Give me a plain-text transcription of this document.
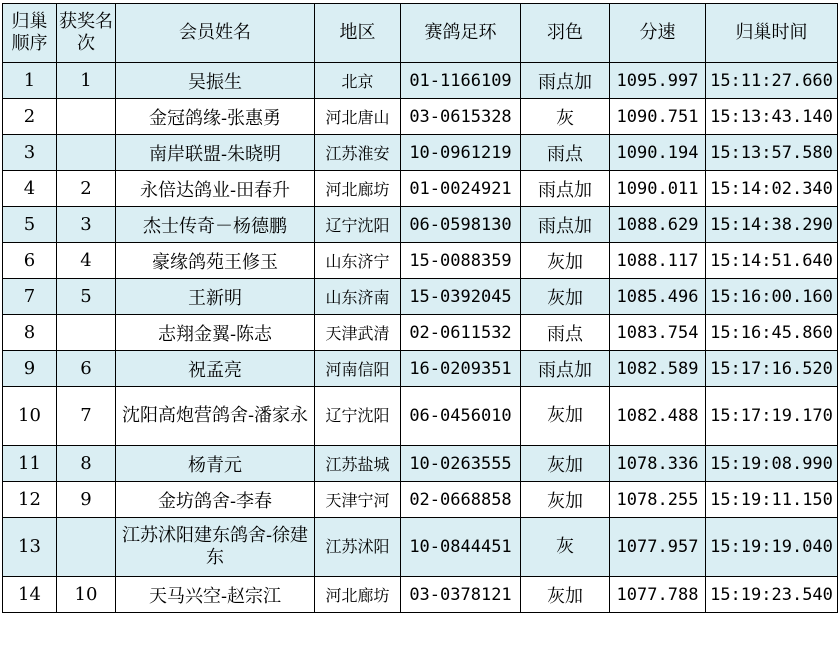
归巢顺序	获奖名次	会员姓名	地区	赛鸽足环	羽色	分速	归巢时间
1	1	吴振生	北京	01-1166109	雨点加	1095.997	15:11:27.660
2		金冠鸽缘-张惠勇	河北唐山	03-0615328	灰	1090.751	15:13:43.140
3		南岸联盟-朱晓明	江苏淮安	10-0961219	雨点	1090.194	15:13:57.580
4	2	永倍达鸽业-田春升	河北廊坊	01-0024921	雨点加	1090.011	15:14:02.340
5	3	杰士传奇－杨德鹏	辽宁沈阳	06-0598130	雨点加	1088.629	15:14:38.290
6	4	豪缘鸽苑王修玉	山东济宁	15-0088359	灰加	1088.117	15:14:51.640
7	5	王新明	山东济南	15-0392045	灰加	1085.496	15:16:00.160
8		志翔金翼-陈志	天津武清	02-0611532	雨点	1083.754	15:16:45.860
9	6	祝孟亮	河南信阳	16-0209351	雨点加	1082.589	15:17:16.520
10	7	沈阳高炮营鸽舍-潘家永	辽宁沈阳	06-0456010	灰加	1082.488	15:17:19.170
11	8	杨青元	江苏盐城	10-0263555	灰加	1078.336	15:19:08.990
12	9	金坊鸽舍-李春	天津宁河	02-0668858	灰加	1078.255	15:19:11.150
13		江苏沭阳建东鸽舍-徐建东	江苏沭阳	10-0844451	灰	1077.957	15:19:19.040
14	10	天马兴空-赵宗江	河北廊坊	03-0378121	灰加	1077.788	15:19:23.540
